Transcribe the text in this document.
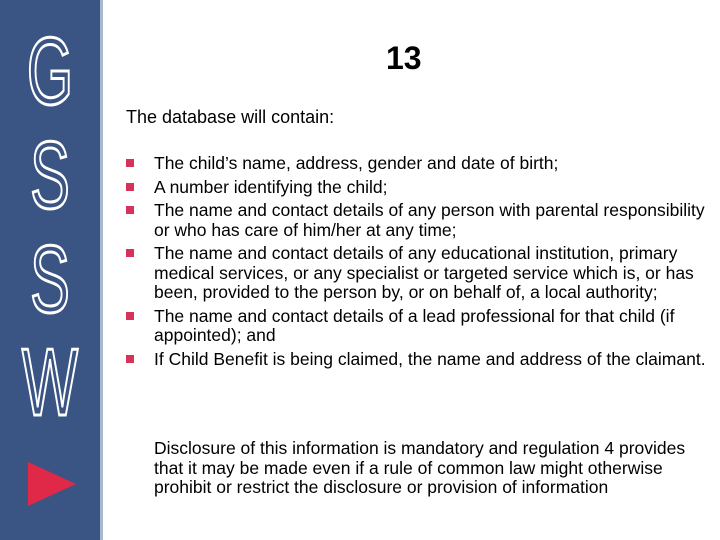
G
S
S
W
13
The database will contain:
The child’s name, address, gender and date of birth;
A number identifying the child;
The name and contact details of any person with parental responsibility or who has care of him/her at any time;
The name and contact details of any educational institution, primary medical services, or any specialist or targeted service which is, or has been, provided to the person by, or on behalf of, a local authority;
The name and contact details of a lead professional for that child (if appointed); and
If Child Benefit is being claimed, the name and address of the claimant.
Disclosure of this information is mandatory and regulation 4 provides that it may be made even if a rule of common law might otherwise prohibit or restrict the disclosure or provision of information
